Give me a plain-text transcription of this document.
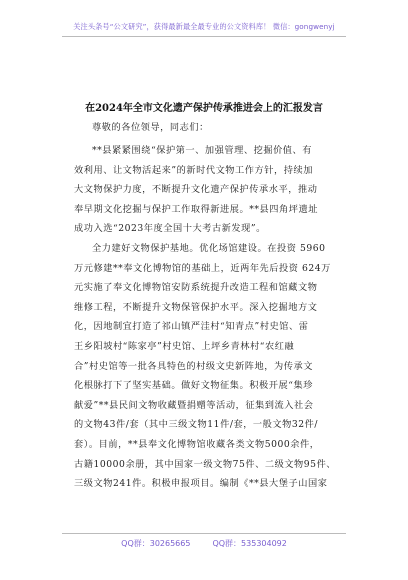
关注头条号“公文研究”，获得最新最全最专业的公文资料库！ 微信：gongwenyj
在2024年全市文化遗产保护传承推进会上的汇报发言
尊敬的各位领导，同志们：
**县紧紧围绕“保护第一、加强管理、挖掘价值、有
效利用、让文物活起来”的新时代文物工作方针，持续加
大文物保护力度，不断提升文化遗产保护传承水平，推动
奉早期文化挖掘与保护工作取得新进展。**县四角坪遗址
成功入选“2023年度全国十大考古新发现”。
全力建好文物保护基地。优化场馆建设。在投资 5960
万元修建**奉文化博物馆的基础上，近两年先后投资 624万
元实施了奉文化博物馆安防系统提升改造工程和馆藏文物
维修工程，不断提升文物保管保护水平。深入挖掘地方文
化，因地制宜打造了祁山镇严洼村“知青点”村史馆、雷
王乡阳坡村“陈家亭”村史馆、上坪乡青林村“农红融
合”村史馆等一批各具特色的村级文史新阵地，为传承文
化根脉打下了坚实基础。做好文物征集。积极开展“集珍
献爱”**县民间文物收藏暨捐赠等活动，征集到流入社会
的文物43件/套（其中三级文物11件/套，一般文物32件/
套）。目前，**县奉文化博物馆收藏各类文物5000余件，
古籍10000余册，其中国家一级文物75件、二级文物95件、
三级文物241件。积极申报项目。编制《**县大堡子山国家
QQ群：30265665	QQ群：535304092
